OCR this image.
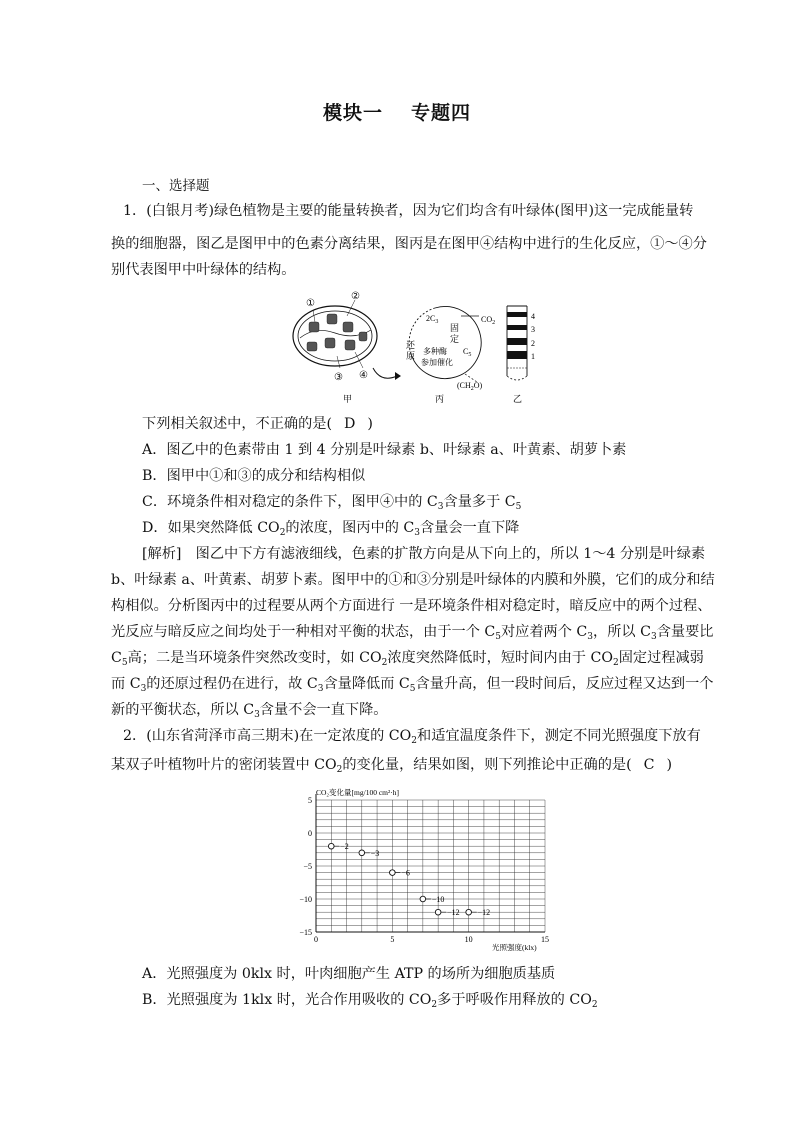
模块一 专题四
一、选择题
1．(白银月考)绿色植物是主要的能量转换者，因为它们均含有叶绿体(图甲)这一完成能量转
换的细胞器，图乙是图甲中的色素分离结果，图丙是在图甲④结构中进行的生化反应，①～④分
别代表图甲中叶绿体的结构。
①
②
③ ④
甲
$2C_3$	$CO_2$
固
定
还
原	$C_5$
多种酶
参加催化
$(CH_2O)$
丙
4
3
2
1
乙
下列相关叙述中，不正确的是( D )
A．图乙中的色素带由 1 到 4 分别是叶绿素 b、叶绿素 a、叶黄素、胡萝卜素
B．图甲中①和③的成分和结构相似
C．环境条件相对稳定的条件下，图甲④中的 $C_3$含量多于 $C_5$
D．如果突然降低 $CO_2$的浓度，图丙中的 $C_3$含量会一直下降
[解析]　图乙中下方有滤液细线，色素的扩散方向是从下向上的，所以 1～4 分别是叶绿素
b、叶绿素 a、叶黄素、胡萝卜素。图甲中的①和③分别是叶绿体的内膜和外膜，它们的成分和结
构相似。分析图丙中的过程要从两个方面进行 一是环境条件相对稳定时，暗反应中的两个过程、
光反应与暗反应之间均处于一种相对平衡的状态，由于一个 $C_5$对应着两个 $C_3$，所以 $C_3$含量要比
$C_5$高；二是当环境条件突然改变时，如 $CO_2$浓度突然降低时，短时间内由于 $CO_2$固定过程减弱
而 $C_3$的还原过程仍在进行，故 $C_3$含量降低而 $C_5$含量升高，但一段时间后，反应过程又达到一个
新的平衡状态，所以 $C_3$含量不会一直下降。
2．(山东省菏泽市高三期末)在一定浓度的 $CO_2$和适宜温度条件下，测定不同光照强度下放有
某双子叶植物叶片的密闭装置中 $CO_2$的变化量，结果如图，则下列推论中正确的是( C )
CO₂变化量[mg/100 cm²·h]
光照强度(klx)
0	5	10	15
5
0
−5
−10
−15
−2
−3
−6
−10
−12 −12
A．光照强度为 0klx 时，叶肉细胞产生 ATP 的场所为细胞质基质
B．光照强度为 1klx 时，光合作用吸收的 $CO_2$多于呼吸作用释放的 $CO_2$
